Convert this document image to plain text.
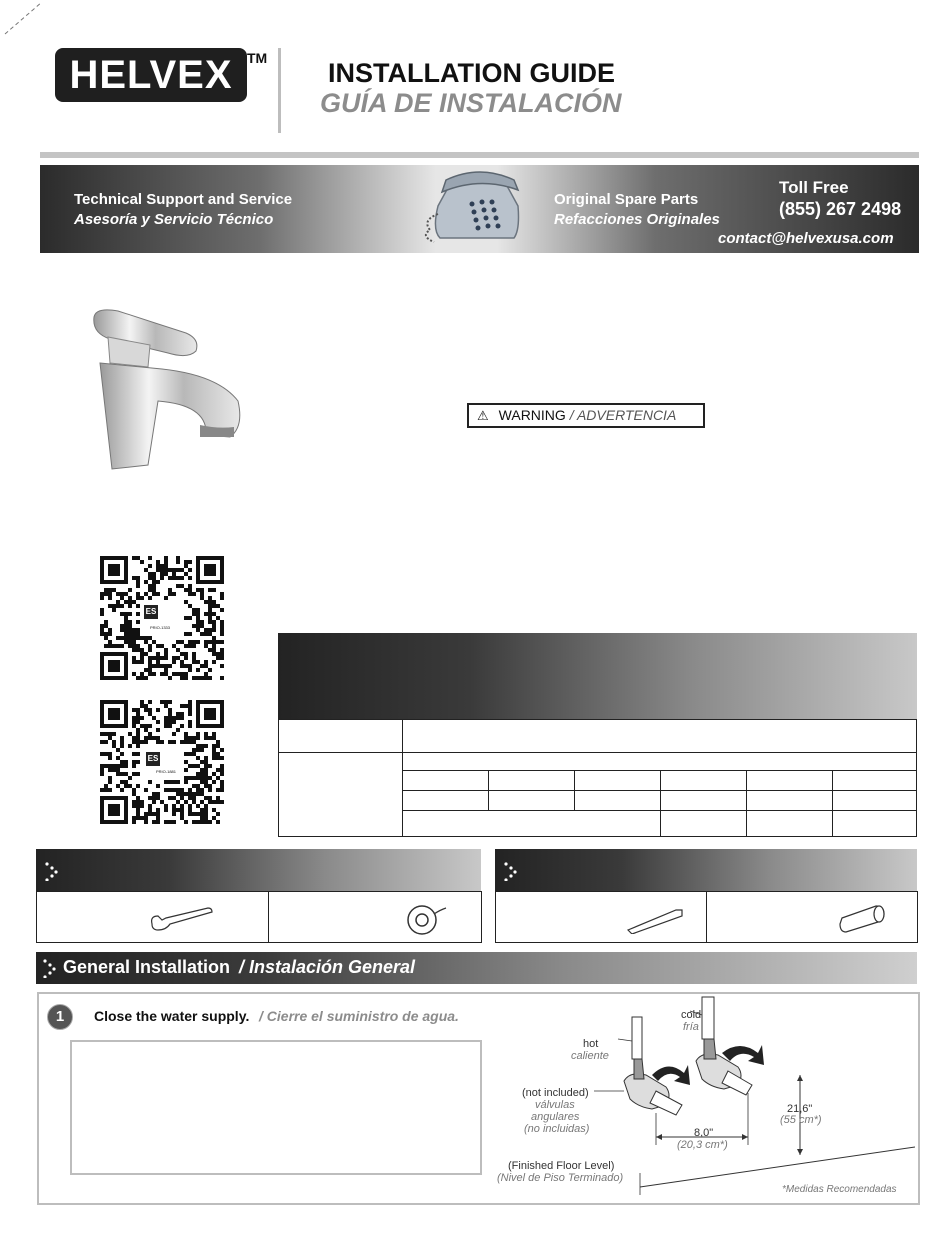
HELVEX	TM INSTALLATION GUIDE
GUÍA DE INSTALACIÓN
Technical Support and Service
Asesoría y Servicio Técnico
Original Spare Parts
Refacciones Originales
Toll Free
(855) 267 2498
contact@helvexusa.com
⚠ WARNING / ADVERTENCIA
ES
PRIO-1333
ES
PRIO-1881
General Installation / Instalación General
1	Close the water supply. / Cierre el suministro de agua.	cold
fría
hot
caliente
(not included)
válvulas
angulares
(no incluidas)
21,6"
(55 cm*)
8,0"
(20,3 cm*)
(Finished Floor Level)
(Nivel de Piso Terminado)
*Medidas Recomendadas
